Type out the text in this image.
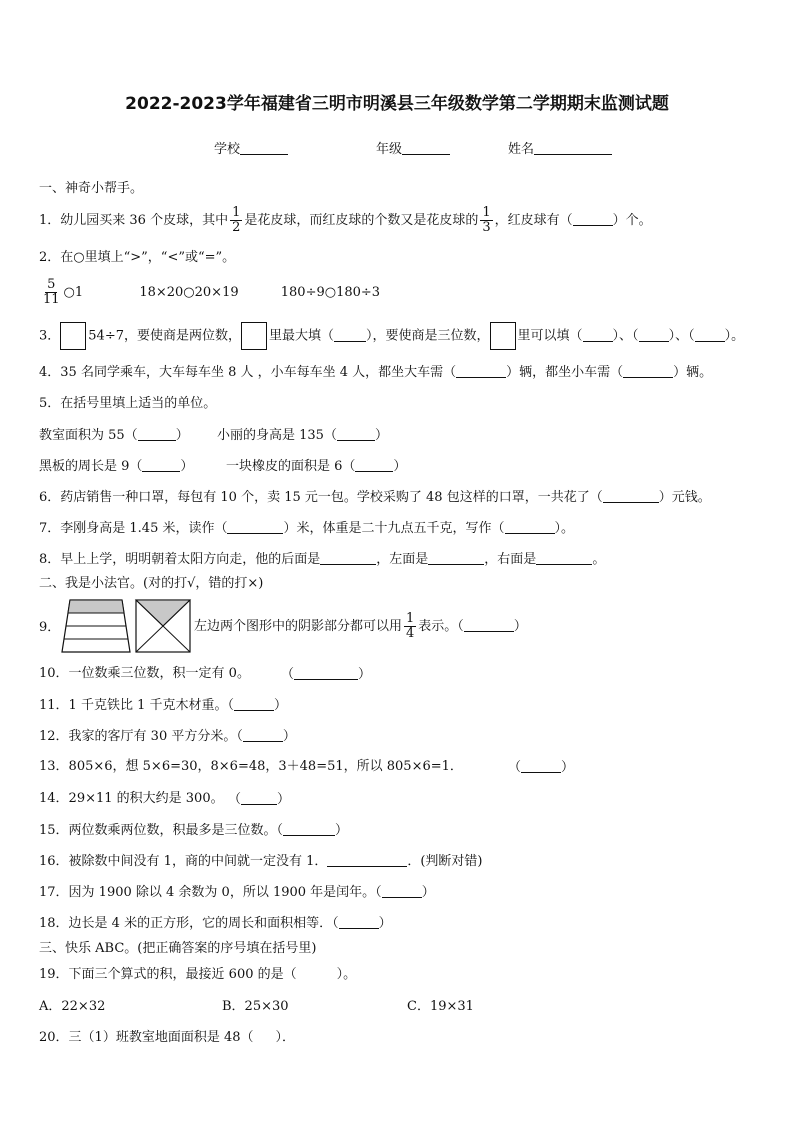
2022-2023学年福建省三明市明溪县三年级数学第二学期期末监测试题
学校	年级	姓名
一、神奇小帮手。
1．幼儿园买来 36 个皮球，其中 $\frac{1}{2}$ 是花皮球，而红皮球的个数又是花皮球的 $\frac{1}{3}$ ，红皮球有（	）个。
2．在○里填上“>”，“<”或“=”。
$\frac{5}{11}$ ○1	18×20○20×19	180÷9○180÷3
3． 54÷7，要使商是两位数， 里最大填（ ），要使商是三位数， 里可以填（ ）、（ ）、（ ）。
4．35 名同学乘车，大车每车坐 8 人 ，小车每车坐 4 人，都坐大车需（	）辆，都坐小车需（	）辆。
5．在括号里填上适当的单位。
教室面积为 55（	） 小丽的身高是 135（	）
黑板的周长是 9（	）	一块橡皮的面积是 6（	）
6．药店销售一种口罩，每包有 10 个，卖 15 元一包。学校采购了 48 包这样的口罩，一共花了（	）元钱。
7．李刚身高是 1.45 米，读作（	）米，体重是二十九点五千克，写作（	）。
8．早上上学，明明朝着太阳方向走，他的后面是	，左面是	，右面是	。
二、我是小法官。(对的打√，错的打×)
9．	左边两个图形中的阴影部分都可以用 $\frac{1}{4}$ 表示。（	）
10．一位数乘三位数，积一定有 0。 （	）
11．1 千克铁比 1 千克木材重。（	）
12．我家的客厅有 30 平方分米。（	）
13．805×6，想 5×6=30，8×6=48，3＋48=51，所以 805×6=1．	（	）
14．29×11 的积大约是 300。 （	）
15．两位数乘两位数，积最多是三位数。（	）
16．被除数中间没有 1，商的中间就一定没有 1．	．(判断对错)
17．因为 1900 除以 4 余数为 0，所以 1900 年是闰年。（	）
18．边长是 4 米的正方形，它的周长和面积相等．（	）
三、快乐 ABC。(把正确答案的序号填在括号里)
19．下面三个算式的积，最接近 600 的是（	）。
A．22×32	B．25×30	C．19×31
20．三（1）班教室地面面积是 48（ ）．
